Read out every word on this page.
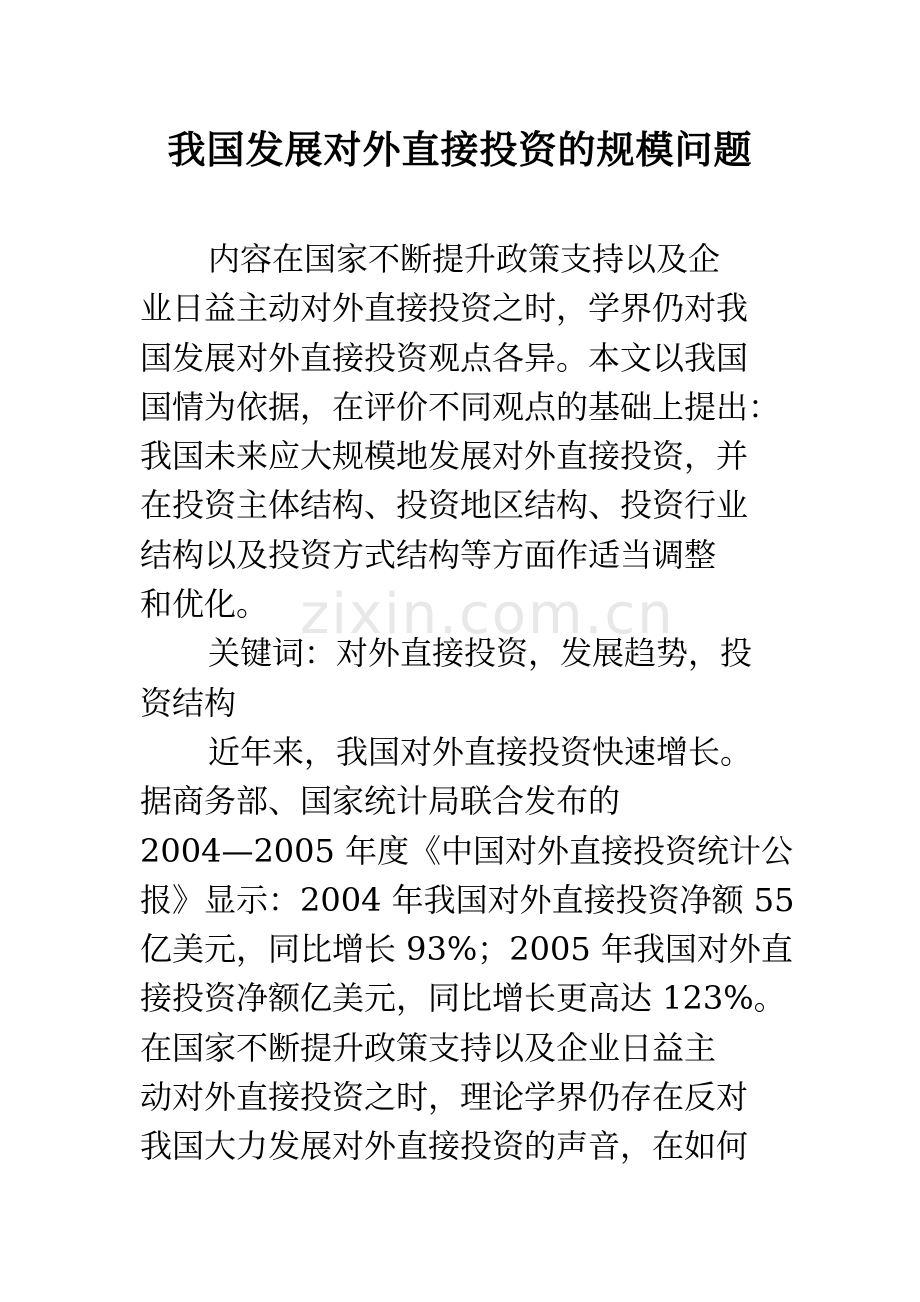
zixin.com.cn
我国发展对外直接投资的规模问题
内容在国家不断提升政策支持以及企
业日益主动对外直接投资之时，学界仍对我
国发展对外直接投资观点各异。本文以我国
国情为依据，在评价不同观点的基础上提出：
我国未来应大规模地发展对外直接投资，并
在投资主体结构、投资地区结构、投资行业
结构以及投资方式结构等方面作适当调整
和优化。
关键词：对外直接投资，发展趋势，投
资结构
近年来，我国对外直接投资快速增长。
据商务部、国家统计局联合发布的
2004—2005 年度《中国对外直接投资统计公
报》显示：2004 年我国对外直接投资净额 55
亿美元，同比增长 93%；2005 年我国对外直
接投资净额亿美元，同比增长更高达 123%。
在国家不断提升政策支持以及企业日益主
动对外直接投资之时，理论学界仍存在反对
我国大力发展对外直接投资的声音，在如何
